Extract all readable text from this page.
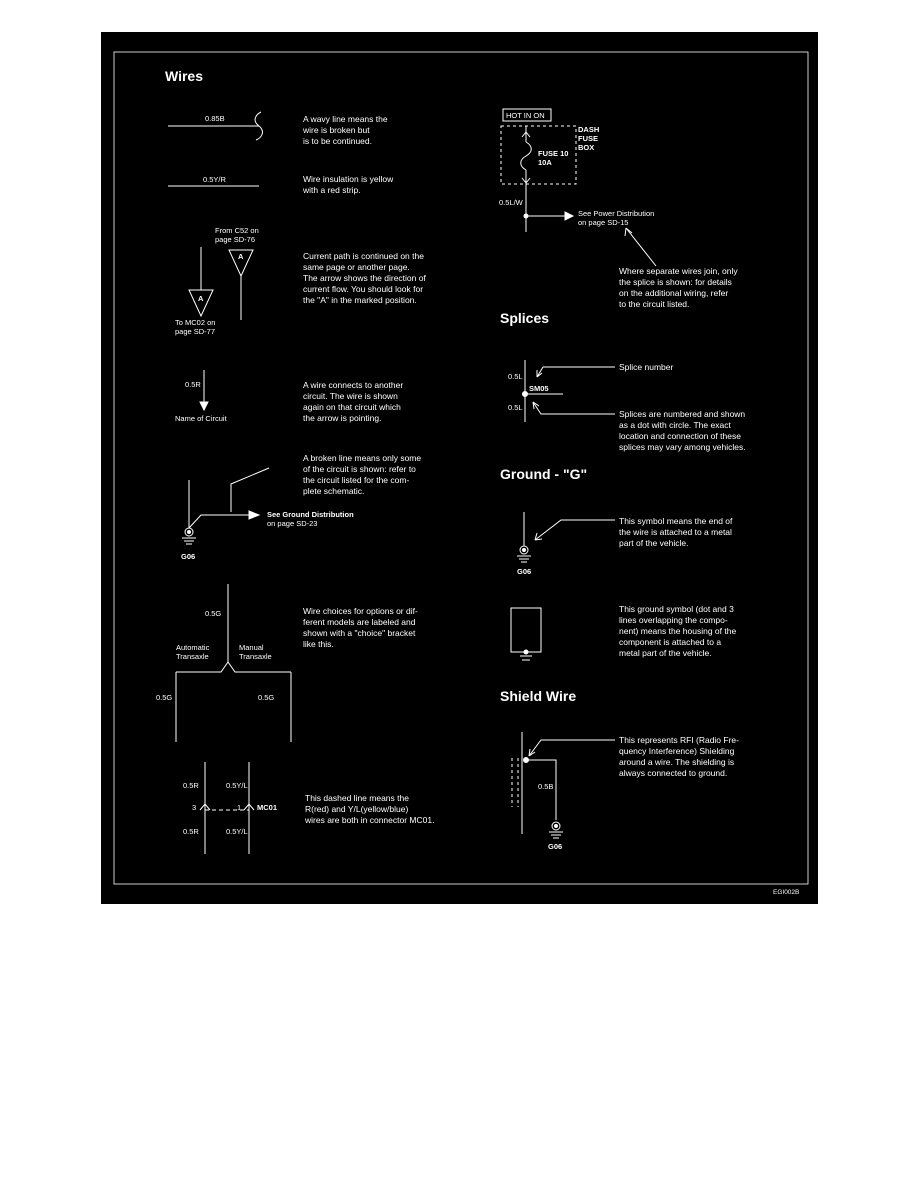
Wires
Splices
Ground - "G"
Shield Wire
0.85B	A wavy line means the
wire is broken but
is to be continued.
0.5Y/R	Wire insulation is yellow
with a red strip.
From C52 on
page SD-76
A
A
To MC02 on
page SD-77
Current path is continued on the
same page or another page.
The arrow shows the direction of
current flow. You should look for
the "A" in the marked position.
0.5R
Name of Circuit
A wire connects to another
circuit. The wire is shown
again on that circuit which
the arrow is pointing.
A broken line means only some
of the circuit is shown: refer to
the circuit listed for the com-
plete schematic.
See Ground Distribution
on page SD-23
G06
0.5G
Automatic
Transaxle
Manual
Transaxle
0.5G	0.5G
Wire choices for options or dif-
ferent models are labeled and
shown with a "choice" bracket
like this.
0.5R	0.5Y/L
3	1 MC01
0.5R	0.5Y/L
This dashed line means the
R(red) and Y/L(yellow/blue)
wires are both in connector MC01.
HOT IN ON
DASH
FUSE
BOX
FUSE 10
10A
0.5L/W
See Power Distribution
on page SD-15
Where separate wires join, only
the splice is shown: for details
on the additional wiring, refer
to the circuit listed.
0.5L
SM05
0.5L
Splice number
Splices are numbered and shown
as a dot with circle. The exact
location and connection of these
splices may vary among vehicles.
G06
This symbol means the end of
the wire is attached to a metal
part of the vehicle.
This ground symbol (dot and 3
lines overlapping the compo-
nent) means the housing of the
component is attached to a
metal part of the vehicle.
0.5B
G06
This represents RFI (Radio Fre-
quency Interference) Shielding
around a wire. The shielding is
always connected to ground.
EGI002B
